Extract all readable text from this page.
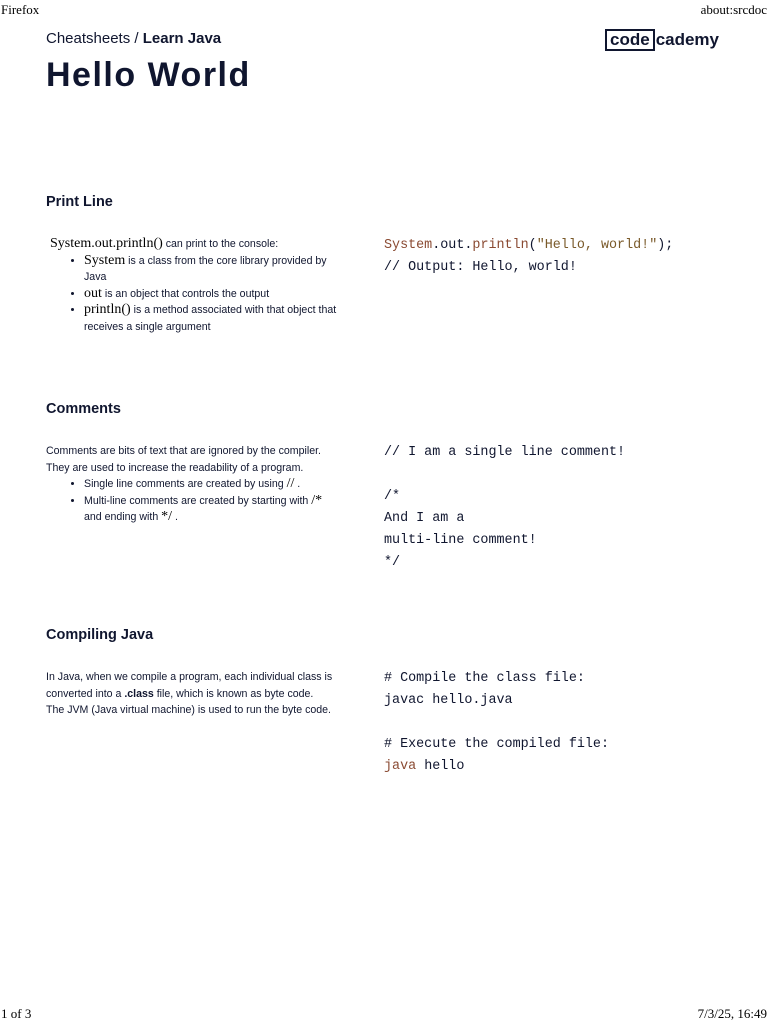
Firefox	about:srcdoc
Cheatsheets / Learn Java	code cademy
Hello World
Print Line

System.out.println() can print to the console:

• System is a class from the core library provided by Java
• out is an object that controls the output
• println() is a method associated with that object that receives a single argument
System.out.println("Hello, world!");
// Output: Hello, world!
Comments

Comments are bits of text that are ignored by the compiler. They are used to increase the readability of a program.

• Single line comments are created by using // .
• Multi-line comments are created by starting with /* and ending with */ .
// I am a single line comment!

/*
And I am a
multi-line comment!
*/
Compiling Java

In Java, when we compile a program, each individual class is converted into a .class file, which is known as byte code.

The JVM (Java virtual machine) is used to run the byte code.

# Compile the class file:
javac hello.java

# Execute the compiled file:
java hello
1 of 3	7/3/25, 16:49
